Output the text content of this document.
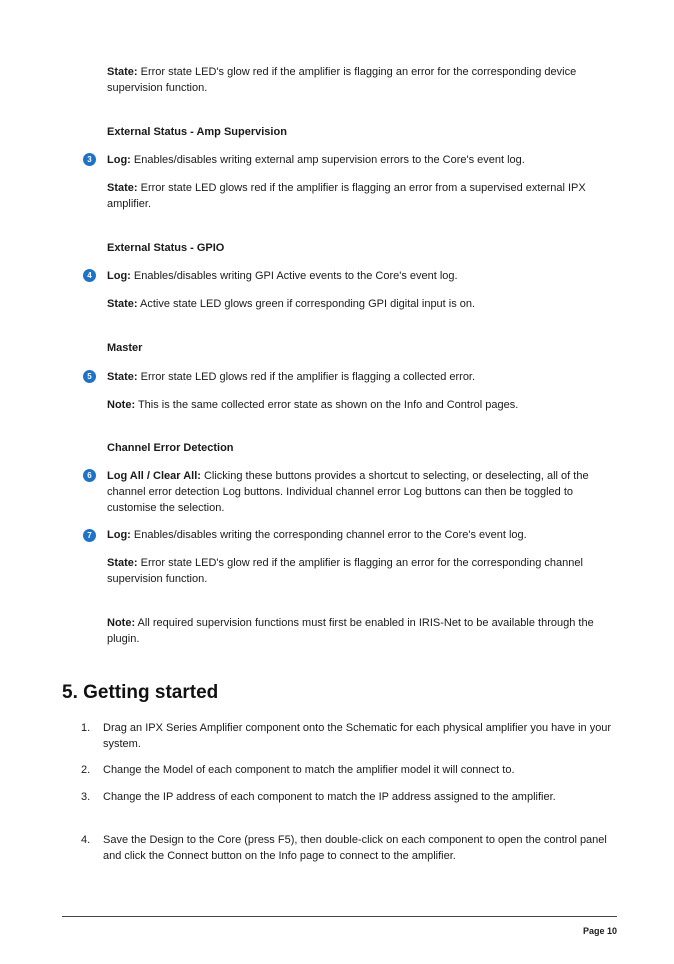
State: Error state LED's glow red if the amplifier is flagging an error for the corresponding device supervision function.

External Status - Amp Supervision
3	Log: Enables/disables writing external amp supervision errors to the Core's event log.

State: Error state LED glows red if the amplifier is flagging an error from a supervised external IPX amplifier.

External Status - GPIO
4	Log: Enables/disables writing GPI Active events to the Core's event log.

State: Active state LED glows green if corresponding GPI digital input is on.

Master
5	State: Error state LED glows red if the amplifier is flagging a collected error.

Note: This is the same collected error state as shown on the Info and Control pages.

Channel Error Detection
6	Log All / Clear All: Clicking these buttons provides a shortcut to selecting, or deselecting, all of the channel error detection Log buttons. Individual channel error Log buttons can then be toggled to customise the selection.

7	Log: Enables/disables writing the corresponding channel error to the Core's event log.

State: Error state LED's glow red if the amplifier is flagging an error for the corresponding channel supervision function.

Note: All required supervision functions must first be enabled in IRIS-Net to be available through the plugin.

5. Getting started
1.	Drag an IPX Series Amplifier component onto the Schematic for each physical amplifier you have in your system.
2.	Change the Model of each component to match the amplifier model it will connect to.
3.	Change the IP address of each component to match the IP address assigned to the amplifier.
4.	Save the Design to the Core (press F5), then double-click on each component to open the control panel and click the Connect button on the Info page to connect to the amplifier.
Page 10
